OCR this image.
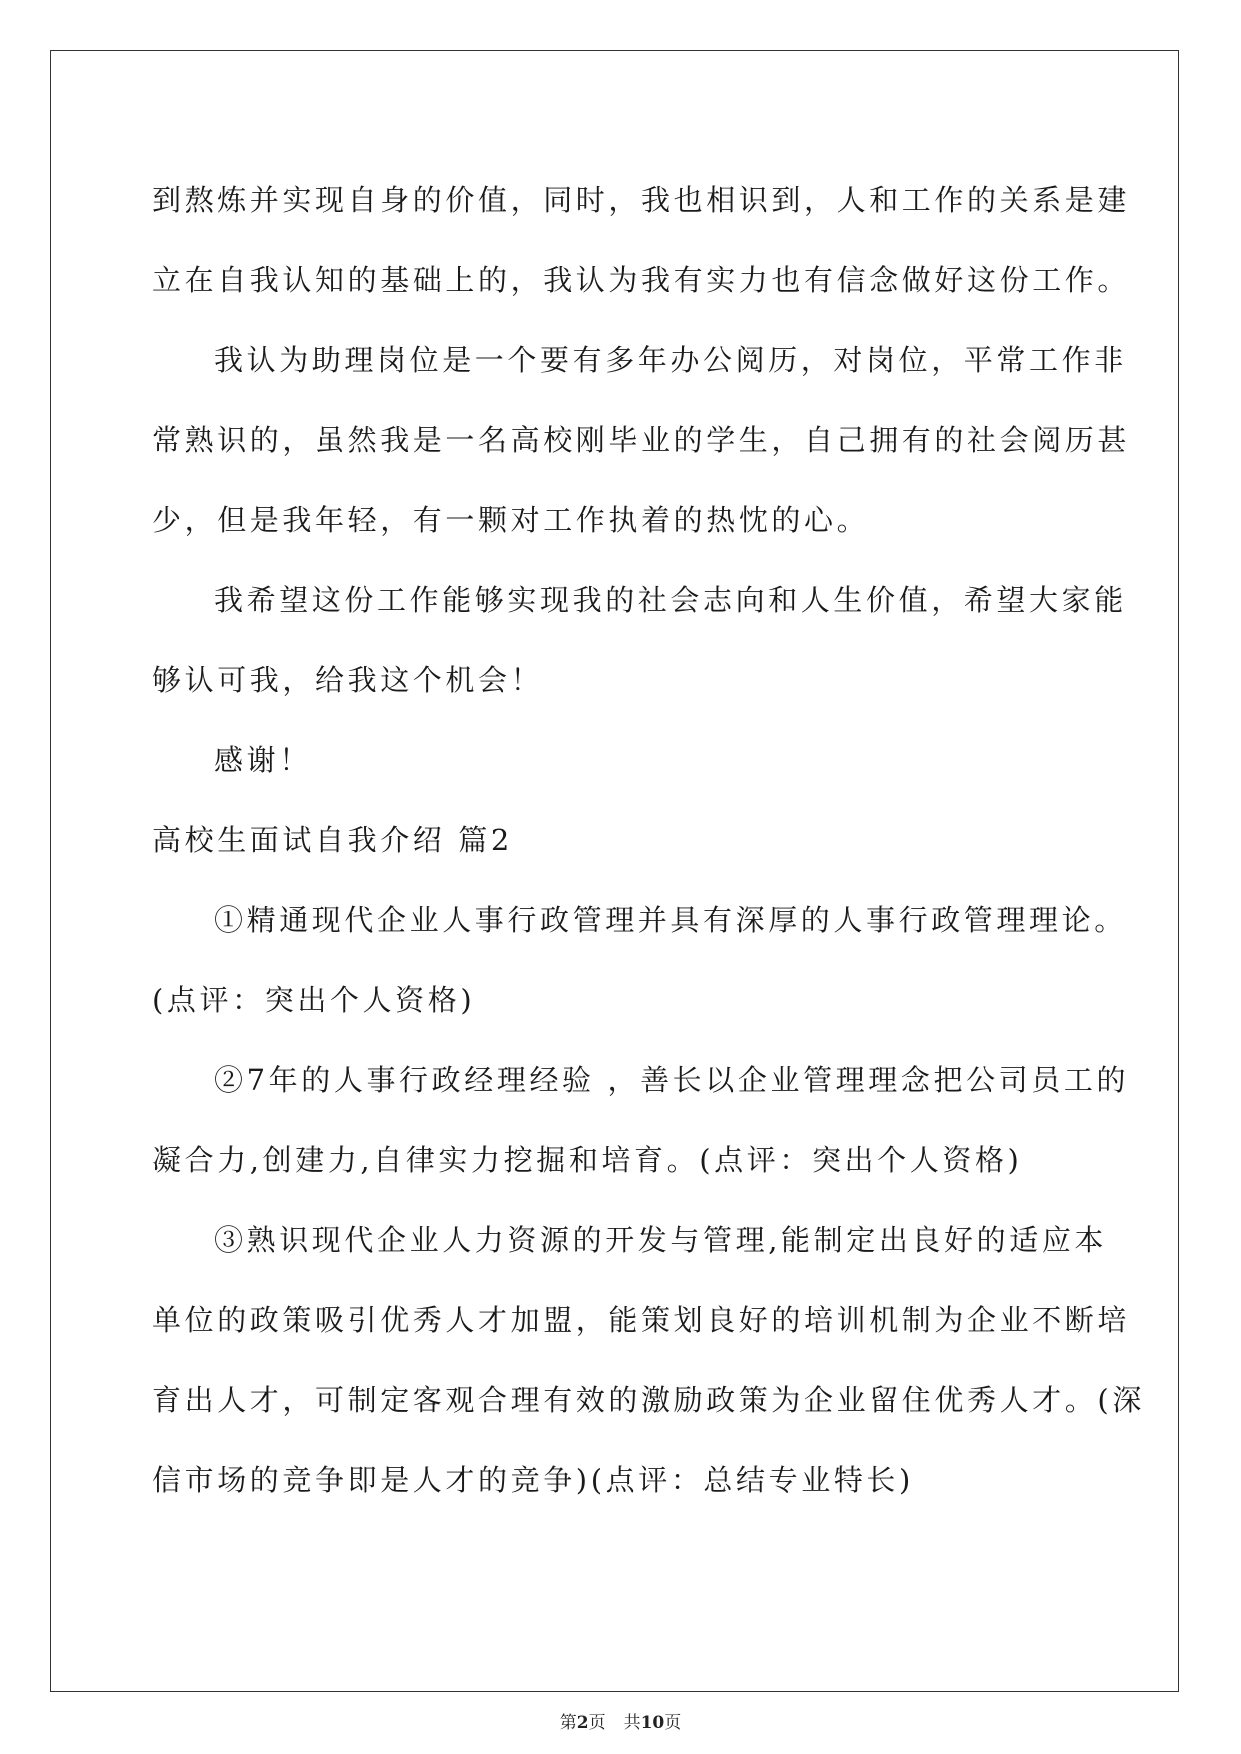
到熬炼并实现自身的价值，同时，我也相识到，人和工作的关系是建

立在自我认知的基础上的，我认为我有实力也有信念做好这份工作。

我认为助理岗位是一个要有多年办公阅历，对岗位，平常工作非

常熟识的，虽然我是一名高校刚毕业的学生，自己拥有的社会阅历甚

少，但是我年轻，有一颗对工作执着的热忱的心。

我希望这份工作能够实现我的社会志向和人生价值，希望大家能

够认可我，给我这个机会！

感谢！

高校生面试自我介绍 篇2

①精通现代企业人事行政管理并具有深厚的人事行政管理理论。

(点评：突出个人资格)

②7年的人事行政经理经验 ，善长以企业管理理念把公司员工的

凝合力,创建力,自律实力挖掘和培育。(点评：突出个人资格)

③熟识现代企业人力资源的开发与管理,能制定出良好的适应本

单位的政策吸引优秀人才加盟，能策划良好的培训机制为企业不断培

育出人才，可制定客观合理有效的激励政策为企业留住优秀人才。(深

信市场的竞争即是人才的竞争)(点评：总结专业特长)

第2页 共10页
